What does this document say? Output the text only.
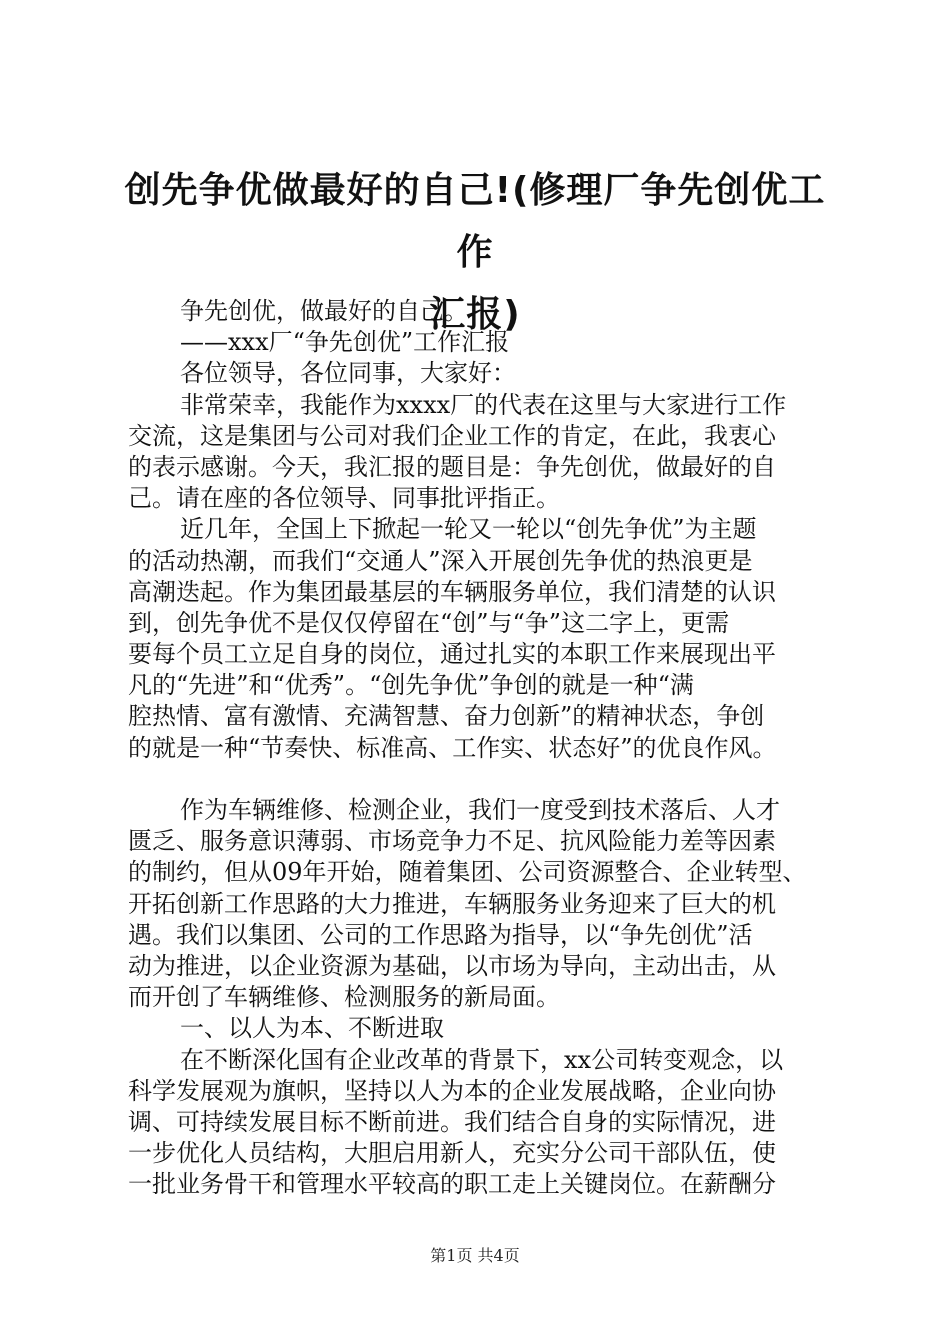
创先争优做最好的自己!(修理厂争先创优工作
汇报)
争先创优，做最好的自己。
——xxx厂“争先创优”工作汇报
各位领导，各位同事，大家好：
非常荣幸，我能作为xxxx厂的代表在这里与大家进行工作
交流，这是集团与公司对我们企业工作的肯定，在此，我衷心
的表示感谢。今天，我汇报的题目是：争先创优，做最好的自
己。请在座的各位领导、同事批评指正。
近几年，全国上下掀起一轮又一轮以“创先争优”为主题
的活动热潮，而我们“交通人”深入开展创先争优的热浪更是
高潮迭起。作为集团最基层的车辆服务单位，我们清楚的认识
到，创先争优不是仅仅停留在“创”与“争”这二字上，更需
要每个员工立足自身的岗位，通过扎实的本职工作来展现出平
凡的“先进”和“优秀”。“创先争优”争创的就是一种“满
腔热情、富有激情、充满智慧、奋力创新”的精神状态，争创
的就是一种“节奏快、标准高、工作实、状态好”的优良作风。
作为车辆维修、检测企业，我们一度受到技术落后、人才
匮乏、服务意识薄弱、市场竞争力不足、抗风险能力差等因素
的制约，但从09年开始，随着集团、公司资源整合、企业转型、
开拓创新工作思路的大力推进，车辆服务业务迎来了巨大的机
遇。我们以集团、公司的工作思路为指导，以“争先创优”活
动为推进，以企业资源为基础，以市场为导向，主动出击，从
而开创了车辆维修、检测服务的新局面。
一、以人为本、不断进取
在不断深化国有企业改革的背景下，xx公司转变观念，以
科学发展观为旗帜，坚持以人为本的企业发展战略，企业向协
调、可持续发展目标不断前进。我们结合自身的实际情况，进
一步优化人员结构，大胆启用新人，充实分公司干部队伍，使
一批业务骨干和管理水平较高的职工走上关键岗位。在薪酬分
第1页 共4页
